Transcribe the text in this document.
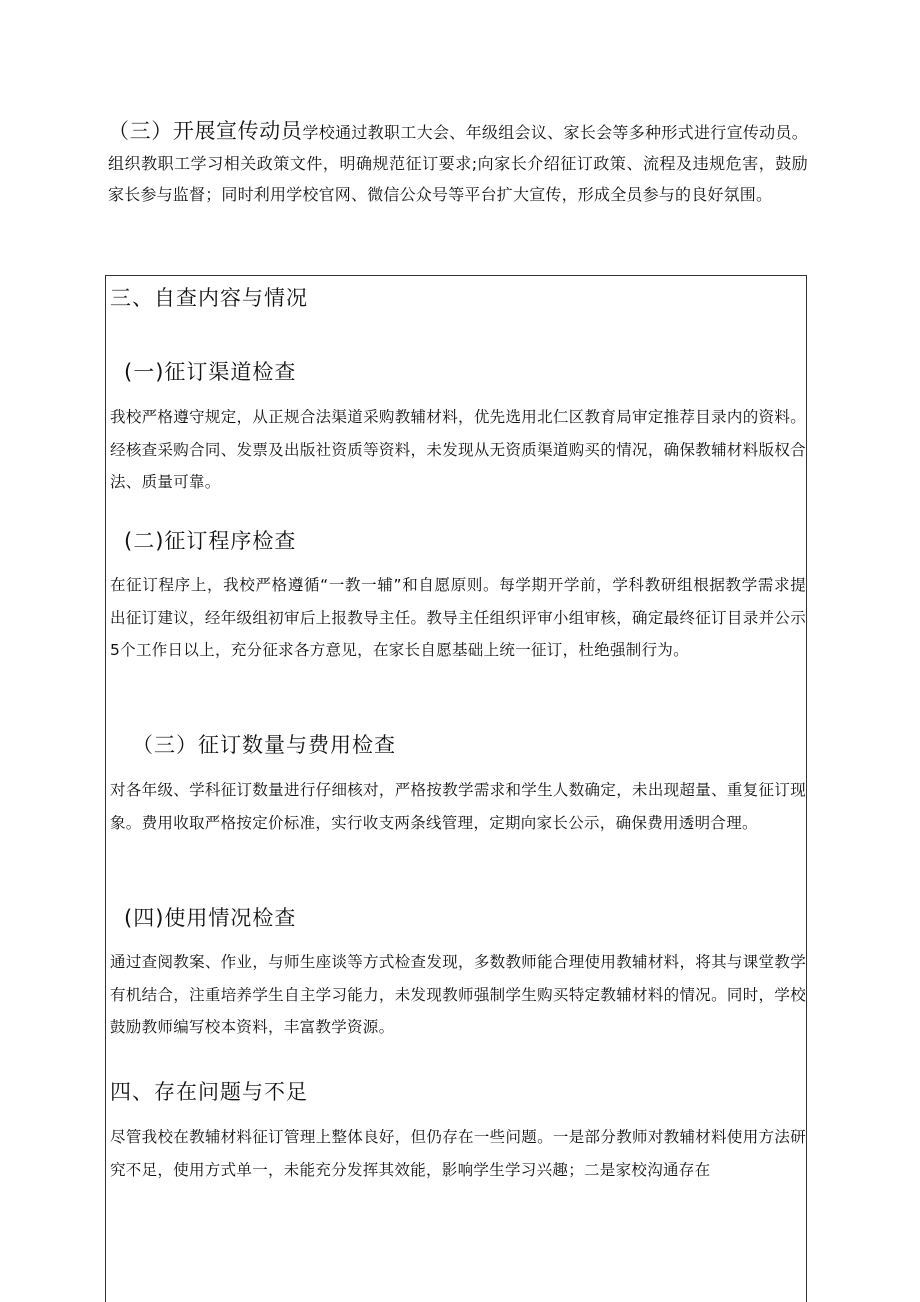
（三）开展宣传动员学校通过教职工大会、年级组会议、家长会等多种形式进行宣传动员。组织教职工学习相关政策文件，明确规范征订要求;向家长介绍征订政策、流程及违规危害，鼓励家长参与监督；同时利用学校官网、微信公众号等平台扩大宣传，形成全员参与的良好氛围。
三、自查内容与情况
(一)征订渠道检查

我校严格遵守规定，从正规合法渠道采购教辅材料，优先选用北仁区教育局审定推荐目录内的资料。经核查采购合同、发票及出版社资质等资料，未发现从无资质渠道购买的情况，确保教辅材料版权合法、质量可靠。

(二)征订程序检查

在征订程序上，我校严格遵循“一教一辅”和自愿原则。每学期开学前，学科教研组根据教学需求提出征订建议，经年级组初审后上报教导主任。教导主任组织评审小组审核，确定最终征订目录并公示5个工作日以上，充分征求各方意见，在家长自愿基础上统一征订，杜绝强制行为。

（三）征订数量与费用检查

对各年级、学科征订数量进行仔细核对，严格按教学需求和学生人数确定，未出现超量、重复征订现象。费用收取严格按定价标准，实行收支两条线管理，定期向家长公示，确保费用透明合理。

(四)使用情况检查

通过查阅教案、作业，与师生座谈等方式检查发现，多数教师能合理使用教辅材料，将其与课堂教学有机结合，注重培养学生自主学习能力，未发现教师强制学生购买特定教辅材料的情况。同时，学校鼓励教师编写校本资料，丰富教学资源。

四、存在问题与不足

尽管我校在教辅材料征订管理上整体良好，但仍存在一些问题。一是部分教师对教辅材料使用方法研究不足，使用方式单一，未能充分发挥其效能，影响学生学习兴趣；二是家校沟通存在
